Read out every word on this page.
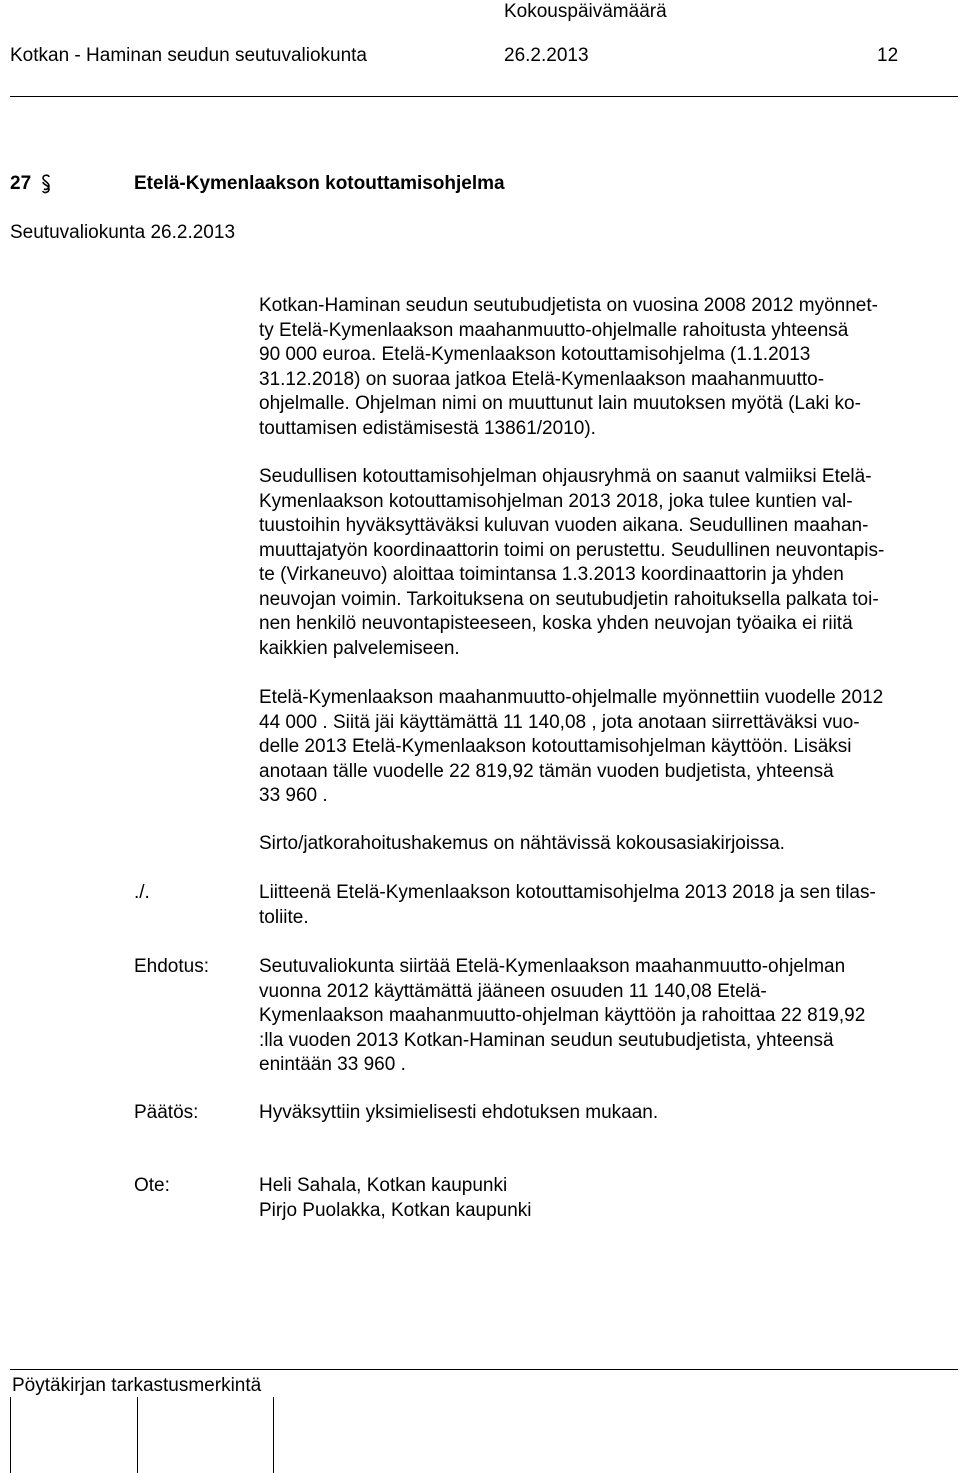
Kokouspäivämäärä
Kotkan - Haminan seudun seutuvaliokunta	26.2.2013	12
27	Etelä-Kymenlaakson kotouttamisohjelma
Seutuvaliokunta 26.2.2013
Kotkan-Haminan seudun seutubudjetista on vuosina 2008 2012 myönnet-
ty Etelä-Kymenlaakson maahanmuutto-ohjelmalle rahoitusta yhteensä
90 000 euroa. Etelä-Kymenlaakson kotouttamisohjelma (1.1.2013
31.12.2018) on suoraa jatkoa Etelä-Kymenlaakson maahanmuutto-
ohjelmalle. Ohjelman nimi on muuttunut lain muutoksen myötä (Laki ko-
touttamisen edistämisestä 13861/2010).
Seudullisen kotouttamisohjelman ohjausryhmä on saanut valmiiksi Etelä-
Kymenlaakson kotouttamisohjelman 2013 2018, joka tulee kuntien val-
tuustoihin hyväksyttäväksi kuluvan vuoden aikana. Seudullinen maahan-
muuttajatyön koordinaattorin toimi on perustettu. Seudullinen neuvontapis-
te (Virkaneuvo) aloittaa toimintansa 1.3.2013 koordinaattorin ja yhden
neuvojan voimin. Tarkoituksena on seutubudjetin rahoituksella palkata toi-
nen henkilö neuvontapisteeseen, koska yhden neuvojan työaika ei riitä
kaikkien palvelemiseen.
Etelä-Kymenlaakson maahanmuutto-ohjelmalle myönnettiin vuodelle 2012
44 000 . Siitä jäi käyttämättä 11 140,08 , jota anotaan siirrettäväksi vuo-
delle 2013 Etelä-Kymenlaakson kotouttamisohjelman käyttöön. Lisäksi
anotaan tälle vuodelle 22 819,92 tämän vuoden budjetista, yhteensä
33 960 .
Sirto/jatkorahoitushakemus on nähtävissä kokousasiakirjoissa.
./.	Liitteenä Etelä-Kymenlaakson kotouttamisohjelma 2013 2018 ja sen tilas-
toliite.
Ehdotus:	Seutuvaliokunta siirtää Etelä-Kymenlaakson maahanmuutto-ohjelman
vuonna 2012 käyttämättä jääneen osuuden 11 140,08 Etelä-
Kymenlaakson maahanmuutto-ohjelman käyttöön ja rahoittaa 22 819,92
:lla vuoden 2013 Kotkan-Haminan seudun seutubudjetista, yhteensä
enintään 33 960 .
Päätös:	Hyväksyttiin yksimielisesti ehdotuksen mukaan.
Ote:	Heli Sahala, Kotkan kaupunki
Pirjo Puolakka, Kotkan kaupunki
Pöytäkirjan tarkastusmerkintä
